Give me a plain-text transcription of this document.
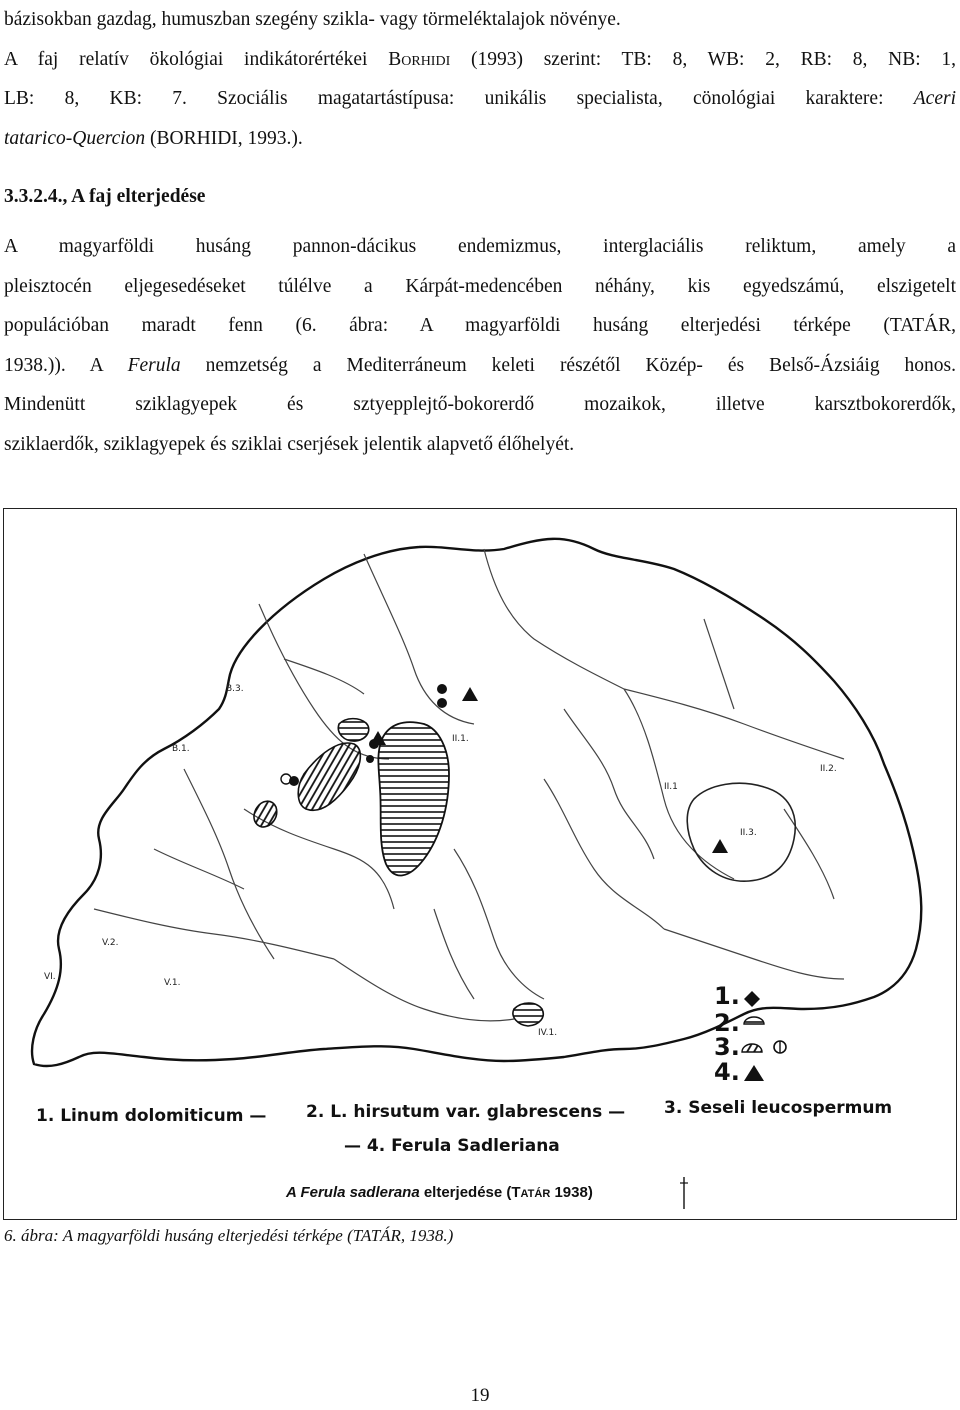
bázisokban gazdag, humuszban szegény szikla- vagy törmeléktalajok növénye.
A faj relatív ökológiai indikátorértékei Borhidi (1993) szerint: TB: 8, WB: 2, RB: 8, NB: 1,
LB: 8, KB: 7. Szociális magatartástípusa: unikális specialista, cönológiai karaktere: Aceri
tatarico-Quercion (BORHIDI, 1993.).
3.3.2.4., A faj elterjedése
A magyarföldi husáng pannon-dácikus endemizmus, interglaciális reliktum, amely a
pleisztocén eljegesedéseket túlélve a Kárpát-medencében néhány, kis egyedszámú, elszigetelt
populációban maradt fenn (6. ábra: A magyarföldi husáng elterjedési térképe (TATÁR,
1938.)). A Ferula nemzetség a Mediterráneum keleti részétől Közép- és Belső-Ázsiáig honos.
Mindenütt sziklagyepek és sztyepplejtő-bokorerdő mozaikok, illetve karsztbokorerdők,
sziklaerdők, sziklagyepek és sziklai cserjések jelentik alapvető élőhelyét.
B.3.
B.1.
II.1.
II.2.
II.3.
II.1
V.2.
VI.
V.1.
IV.1.
1.
2.
3.
4.
1. Linum dolomiticum — 2. L. hirsutum var. glabrescens — 3. Seseli leucospermum
— 4. Ferula Sadleriana
A Ferula sadlerana elterjedése (Tatár 1938)

6. ábra: A magyarföldi husáng elterjedési térképe (TATÁR, 1938.)

19
